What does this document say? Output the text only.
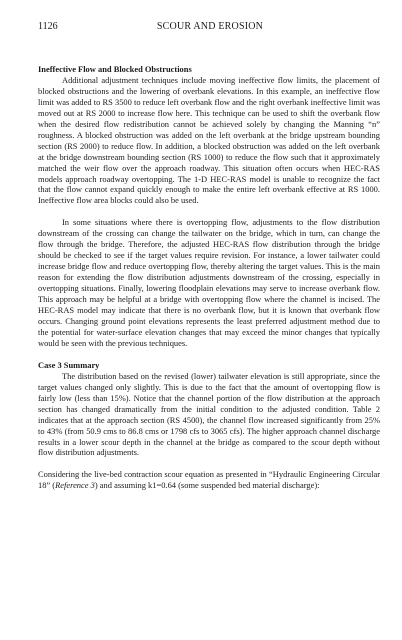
1126	SCOUR AND EROSION
Ineffective Flow and Blocked Obstructions

Additional adjustment techniques include moving ineffective flow limits, the placement of blocked obstructions and the lowering of overbank elevations. In this example, an ineffective flow limit was added to RS 3500 to reduce left overbank flow and the right overbank ineffective limit was moved out at RS 2000 to increase flow here. This technique can be used to shift the overbank flow when the desired flow redistribution cannot be achieved solely by changing the Manning “n” roughness. A blocked obstruction was added on the left overbank at the bridge upstream bounding section (RS 2000) to reduce flow. In addition, a blocked obstruction was added on the left overbank at the bridge downstream bounding section (RS 1000) to reduce the flow such that it approximately matched the weir flow over the approach roadway. This situation often occurs when HEC-RAS models approach roadway overtopping. The 1-D HEC-RAS model is unable to recognize the fact that the flow cannot expand quickly enough to make the entire left overbank effective at RS 1000. Ineffective flow area blocks could also be used.

In some situations where there is overtopping flow, adjustments to the flow distribution downstream of the crossing can change the tailwater on the bridge, which in turn, can change the flow through the bridge. Therefore, the adjusted HEC-RAS flow distribution through the bridge should be checked to see if the target values require revision. For instance, a lower tailwater could increase bridge flow and reduce overtopping flow, thereby altering the target values. This is the main reason for extending the flow distribution adjustments downstream of the crossing, especially in overtopping situations. Finally, lowering floodplain elevations may serve to increase overbank flow. This approach may be helpful at a bridge with overtopping flow where the channel is incised. The HEC-RAS model may indicate that there is no overbank flow, but it is known that overbank flow occurs. Changing ground point elevations represents the least preferred adjustment method due to the potential for water-surface elevation changes that may exceed the minor changes that typically would be seen with the previous techniques.

Case 3 Summary

The distribution based on the revised (lower) tailwater elevation is still appropriate, since the target values changed only slightly. This is due to the fact that the amount of overtopping flow is fairly low (less than 15%). Notice that the channel portion of the flow distribution at the approach section has changed dramatically from the initial condition to the adjusted condition. Table 2 indicates that at the approach section (RS 4500), the channel flow increased significantly from 25% to 43% (from 50.9 cms to 86.8 cms or 1798 cfs to 3065 cfs). The higher approach channel discharge results in a lower scour depth in the channel at the bridge as compared to the scour depth without flow distribution adjustments.

Considering the live-bed contraction scour equation as presented in “Hydraulic Engineering Circular 18” (Reference 3) and assuming k1=0.64 (some suspended bed material discharge):
